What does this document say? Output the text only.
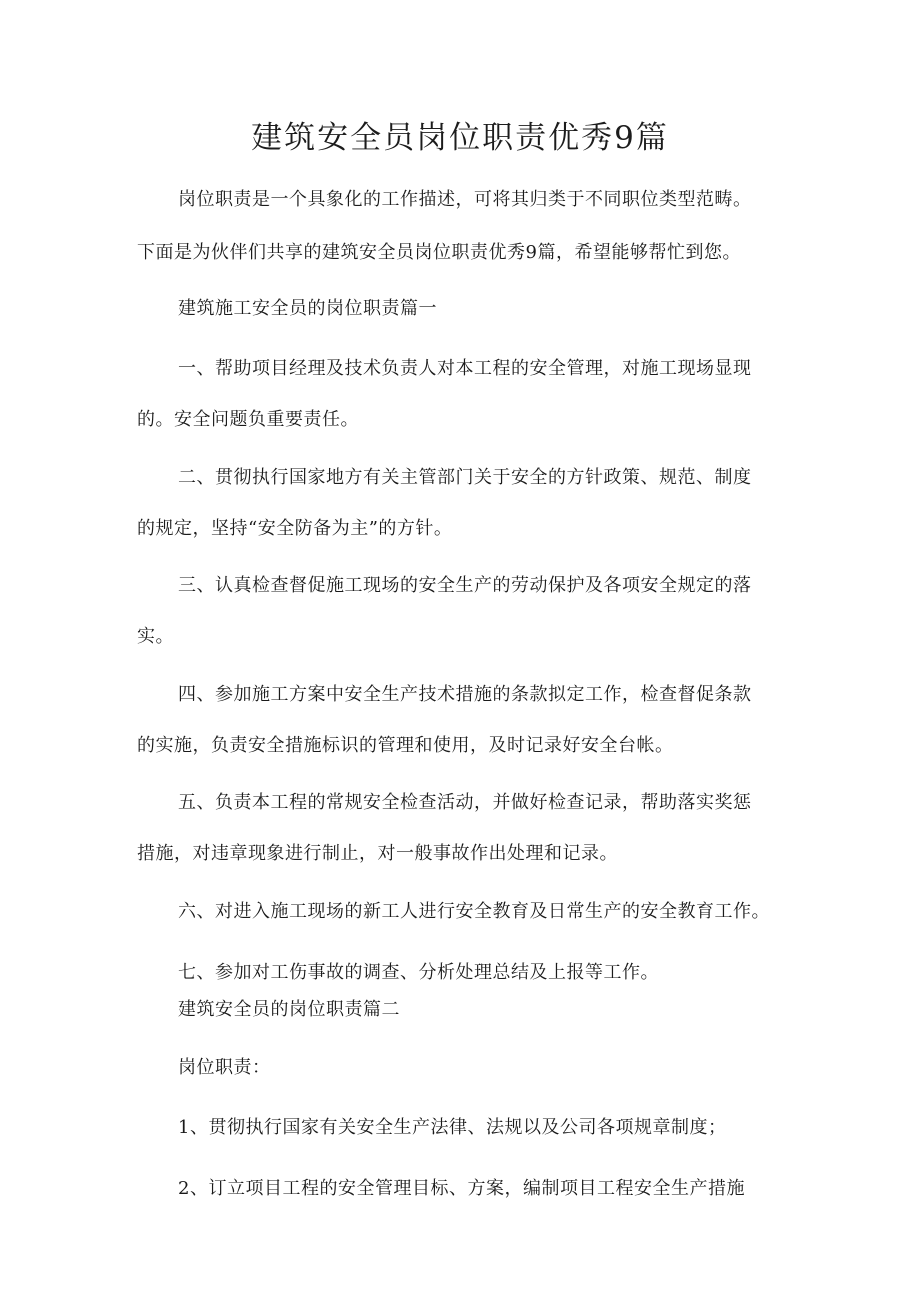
建筑安全员岗位职责优秀9篇
岗位职责是一个具象化的工作描述，可将其归类于不同职位类型范畴。
下面是为伙伴们共享的建筑安全员岗位职责优秀9篇，希望能够帮忙到您。
建筑施工安全员的岗位职责篇一
一、帮助项目经理及技术负责人对本工程的安全管理，对施工现场显现
的。安全问题负重要责任。
二、贯彻执行国家地方有关主管部门关于安全的方针政策、规范、制度
的规定，坚持“安全防备为主”的方针。
三、认真检查督促施工现场的安全生产的劳动保护及各项安全规定的落
实。
四、参加施工方案中安全生产技术措施的条款拟定工作，检查督促条款
的实施，负责安全措施标识的管理和使用，及时记录好安全台帐。
五、负责本工程的常规安全检查活动，并做好检查记录，帮助落实奖惩
措施，对违章现象进行制止，对一般事故作出处理和记录。
六、对进入施工现场的新工人进行安全教育及日常生产的安全教育工作。
七、参加对工伤事故的调查、分析处理总结及上报等工作。
建筑安全员的岗位职责篇二
岗位职责：
1、贯彻执行国家有关安全生产法律、法规以及公司各项规章制度；
2、订立项目工程的安全管理目标、方案，编制项目工程安全生产措施
